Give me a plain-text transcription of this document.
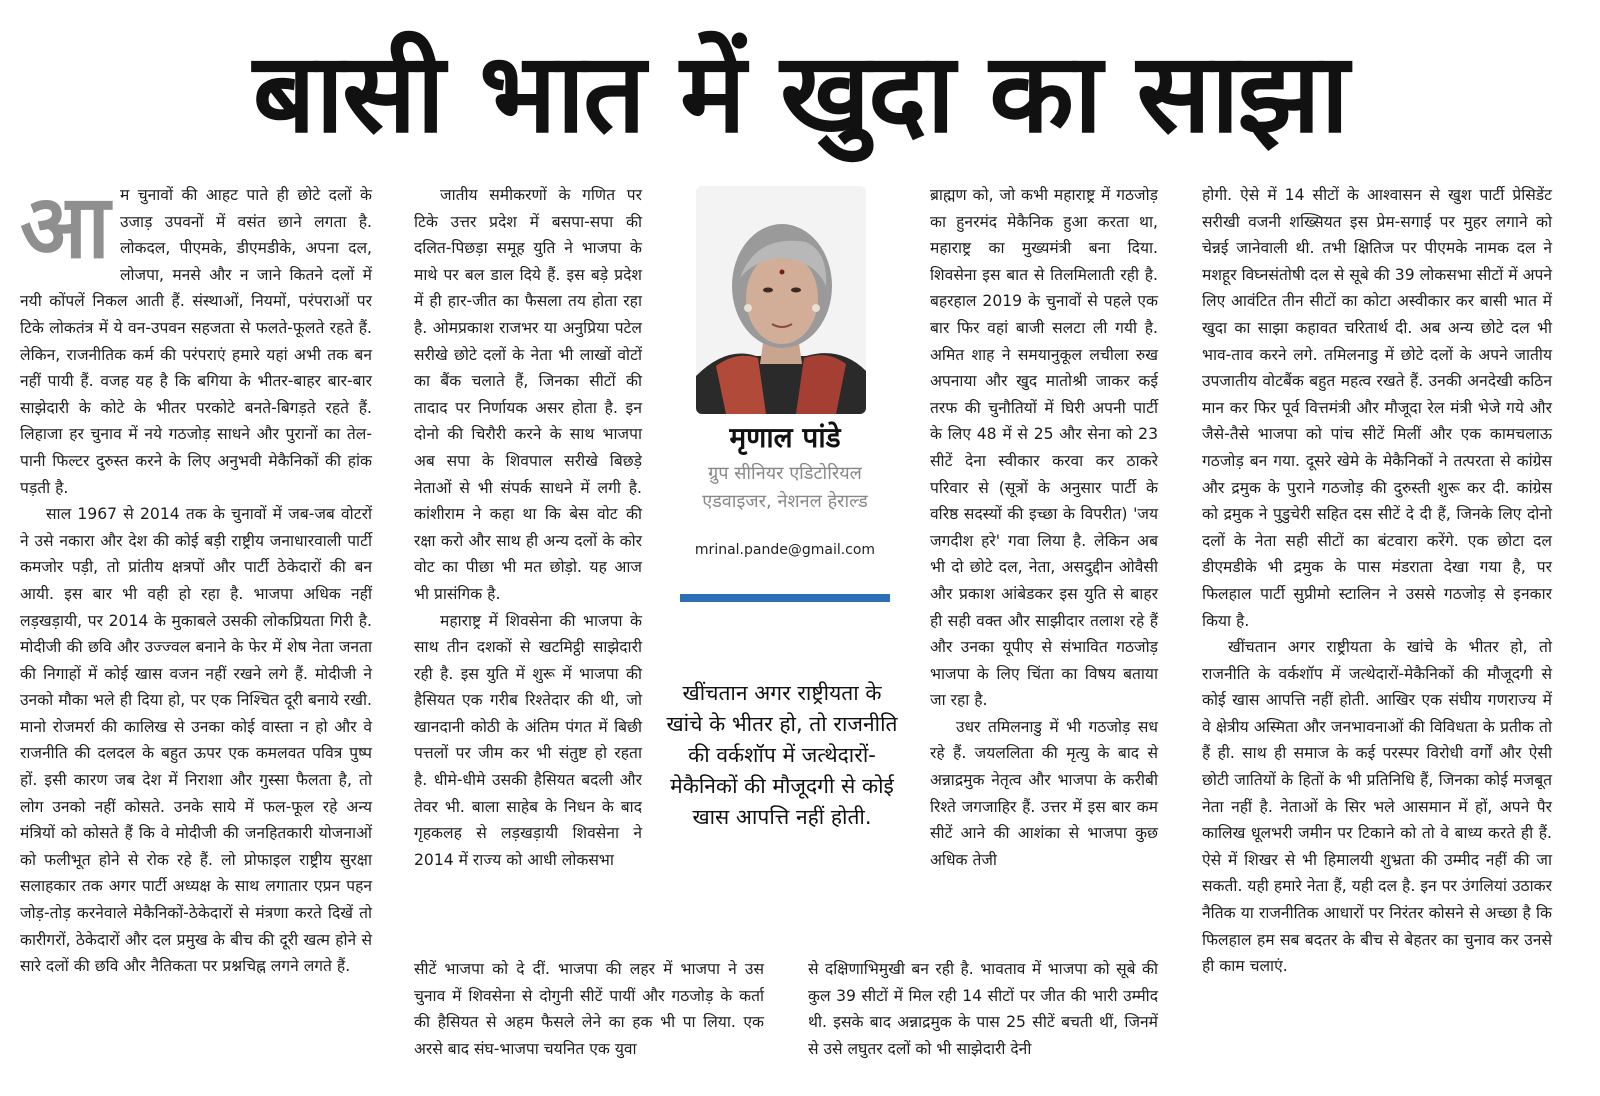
बासी भात में खुदा का साझा
आ म चुनावों की आहट पाते ही छोटे दलों के उजाड़ उपवनों में वसंत छाने लगता है. लोकदल, पीएमके, डीएमडीके, अपना दल, लोजपा, मनसे और न जाने कितने दलों में नयी कोंपलें निकल आती हैं. संस्थाओं, नियमों, परंपराओं पर टिके लोकतंत्र में ये वन-उपवन सहजता से फलते-फूलते रहते हैं. लेकिन, राजनीतिक कर्म की परंपराएं हमारे यहां अभी तक बन नहीं पायी हैं. वजह यह है कि बगिया के भीतर-बाहर बार-बार साझेदारी के कोटे के भीतर परकोटे बनते-बिगड़ते रहते हैं. लिहाजा हर चुनाव में नये गठजोड़ साधने और पुरानों का तेल-पानी फिल्टर दुरुस्त करने के लिए अनुभवी मेकैनिकों की हांक पड़ती है.

साल 1967 से 2014 तक के चुनावों में जब-जब वोटरों ने उसे नकारा और देश की कोई बड़ी राष्ट्रीय जनाधारवाली पार्टी कमजोर पड़ी, तो प्रांतीय क्षत्रपों और पार्टी ठेकेदारों की बन आयी. इस बार भी वही हो रहा है. भाजपा अधिक नहीं लड़खड़ायी, पर 2014 के मुकाबले उसकी लोकप्रियता गिरी है. मोदीजी की छवि और उज्ज्वल बनाने के फेर में शेष नेता जनता की निगाहों में कोई खास वजन नहीं रखने लगे हैं. मोदीजी ने उनको मौका भले ही दिया हो, पर एक निश्चित दूरी बनाये रखी. मानो रोजमर्रा की कालिख से उनका कोई वास्ता न हो और वे राजनीति की दलदल के बहुत ऊपर एक कमलवत पवित्र पुष्प हों. इसी कारण जब देश में निराशा और गुस्सा फैलता है, तो लोग उनको नहीं कोसते. उनके साये में फल-फूल रहे अन्य मंत्रियों को कोसते हैं कि वे मोदीजी की जनहितकारी योजनाओं को फलीभूत होने से रोक रहे हैं. लो प्रोफाइल राष्ट्रीय सुरक्षा सलाहकार तक अगर पार्टी अध्यक्ष के साथ लगातार एप्रन पहन जोड़-तोड़ करनेवाले मेकैनिकों-ठेकेदारों से मंत्रणा करते दिखें तो कारीगरों, ठेकेदारों और दल प्रमुख के बीच की दूरी खत्म होने से सारे दलों की छवि और नैतिकता पर प्रश्नचिह्न लगने लगते हैं.

जातीय समीकरणों के गणित पर टिके उत्तर प्रदेश में बसपा-सपा की दलित-पिछड़ा समूह युति ने भाजपा के माथे पर बल डाल दिये हैं. इस बड़े प्रदेश में ही हार-जीत का फैसला तय होता रहा है. ओमप्रकाश राजभर या अनुप्रिया पटेल सरीखे छोटे दलों के नेता भी लाखों वोटों का बैंक चलाते हैं, जिनका सीटों की तादाद पर निर्णायक असर होता है. इन दोनो की चिरौरी करने के साथ भाजपा अब सपा के शिवपाल सरीखे बिछड़े नेताओं से भी संपर्क साधने में लगी है. कांशीराम ने कहा था कि बेस वोट की रक्षा करो और साथ ही अन्य दलों के कोर वोट का पीछा भी मत छोड़ो. यह आज भी प्रासंगिक है.

महाराष्ट्र में शिवसेना की भाजपा के साथ तीन दशकों से खटमिट्ठी साझेदारी रही है. इस युति में शुरू में भाजपा की हैसियत एक गरीब रिश्तेदार की थी, जो खानदानी कोठी के अंतिम पंगत में बिछी पत्तलों पर जीम कर भी संतुष्ट हो रहता है. धीमे-धीमे उसकी हैसियत बदली और तेवर भी. बाला साहेब के निधन के बाद गृहकलह से लड़खड़ायी शिवसेना ने 2014 में राज्य को आधी लोकसभा

मृणाल पांडे
ग्रुप सीनियर एडिटोरियल एडवाइजर, नेशनल हेराल्ड
mrinal.pande@gmail.com
खींचतान अगर राष्ट्रीयता के खांचे के भीतर हो, तो राजनीति की वर्कशॉप में जत्थेदारों-मेकैनिकों की मौजूदगी से कोई खास आपत्ति नहीं होती.

ब्राह्मण को, जो कभी महाराष्ट्र में गठजोड़ का हुनरमंद मेकैनिक हुआ करता था, महाराष्ट्र का मुख्यमंत्री बना दिया. शिवसेना इस बात से तिलमिलाती रही है. बहरहाल 2019 के चुनावों से पहले एक बार फिर वहां बाजी सलटा ली गयी है. अमित शाह ने समयानुकूल लचीला रुख अपनाया और खुद मातोश्री जाकर कई तरफ की चुनौतियों में घिरी अपनी पार्टी के लिए 48 में से 25 और सेना को 23 सीटें देना स्वीकार करवा कर ठाकरे परिवार से (सूत्रों के अनुसार पार्टी के वरिष्ठ सदस्यों की इच्छा के विपरीत) 'जय जगदीश हरे' गवा लिया है. लेकिन अब भी दो छोटे दल, नेता, असदुद्दीन ओवैसी और प्रकाश आंबेडकर इस युति से बाहर ही सही वक्त और साझीदार तलाश रहे हैं और उनका यूपीए से संभावित गठजोड़ भाजपा के लिए चिंता का विषय बताया जा रहा है.

उधर तमिलनाडु में भी गठजोड़ सध रहे हैं. जयललिता की मृत्यु के बाद से अन्नाद्रमुक नेतृत्व और भाजपा के करीबी रिश्ते जगजाहिर हैं. उत्तर में इस बार कम सीटें आने की आशंका से भाजपा कुछ अधिक तेजी

सीटें भाजपा को दे दीं. भाजपा की लहर में भाजपा ने उस चुनाव में शिवसेना से दोगुनी सीटें पायीं और गठजोड़ के कर्ता की हैसियत से अहम फैसले लेने का हक भी पा लिया. एक अरसे बाद संघ-भाजपा चयनित एक युवा

से दक्षिणाभिमुखी बन रही है. भावताव में भाजपा को सूबे की कुल 39 सीटों में मिल रही 14 सीटों पर जीत की भारी उम्मीद थी. इसके बाद अन्नाद्रमुक के पास 25 सीटें बचती थीं, जिनमें से उसे लघुतर दलों को भी साझेदारी देनी

होगी. ऐसे में 14 सीटों के आश्वासन से खुश पार्टी प्रेसिडेंट सरीखी वजनी शख्सियत इस प्रेम-सगाई पर मुहर लगाने को चेन्नई जानेवाली थी. तभी क्षितिज पर पीएमके नामक दल ने मशहूर विघ्नसंतोषी दल से सूबे की 39 लोकसभा सीटों में अपने लिए आवंटित तीन सीटों का कोटा अस्वीकार कर बासी भात में खुदा का साझा कहावत चरितार्थ दी. अब अन्य छोटे दल भी भाव-ताव करने लगे. तमिलनाडु में छोटे दलों के अपने जातीय उपजातीय वोटबैंक बहुत महत्व रखते हैं. उनकी अनदेखी कठिन मान कर फिर पूर्व वित्तमंत्री और मौजूदा रेल मंत्री भेजे गये और जैसे-तैसे भाजपा को पांच सीटें मिलीं और एक कामचलाऊ गठजोड़ बन गया. दूसरे खेमे के मेकैनिकों ने तत्परता से कांग्रेस और द्रमुक के पुराने गठजोड़ की दुरुस्ती शुरू कर दी. कांग्रेस को द्रमुक ने पुडुचेरी सहित दस सीटें दे दी हैं, जिनके लिए दोनो दलों के नेता सही सीटों का बंटवारा करेंगे. एक छोटा दल डीएमडीके भी द्रमुक के पास मंडराता देखा गया है, पर फिलहाल पार्टी सुप्रीमो स्टालिन ने उससे गठजोड़ से इनकार किया है.

खींचतान अगर राष्ट्रीयता के खांचे के भीतर हो, तो राजनीति के वर्कशॉप में जत्थेदारों-मेकैनिकों की मौजूदगी से कोई खास आपत्ति नहीं होती. आखिर एक संघीय गणराज्य में वे क्षेत्रीय अस्मिता और जनभावनाओं की विविधता के प्रतीक तो हैं ही. साथ ही समाज के कई परस्पर विरोधी वर्गों और ऐसी छोटी जातियों के हितों के भी प्रतिनिधि हैं, जिनका कोई मजबूत नेता नहीं है. नेताओं के सिर भले आसमान में हों, अपने पैर कालिख धूलभरी जमीन पर टिकाने को तो वे बाध्य करते ही हैं. ऐसे में शिखर से भी हिमालयी शुभ्रता की उम्मीद नहीं की जा सकती. यही हमारे नेता हैं, यही दल है. इन पर उंगलियां उठाकर नैतिक या राजनीतिक आधारों पर निरंतर कोसने से अच्छा है कि फिलहाल हम सब बदतर के बीच से बेहतर का चुनाव कर उनसे ही काम चलाएं.
